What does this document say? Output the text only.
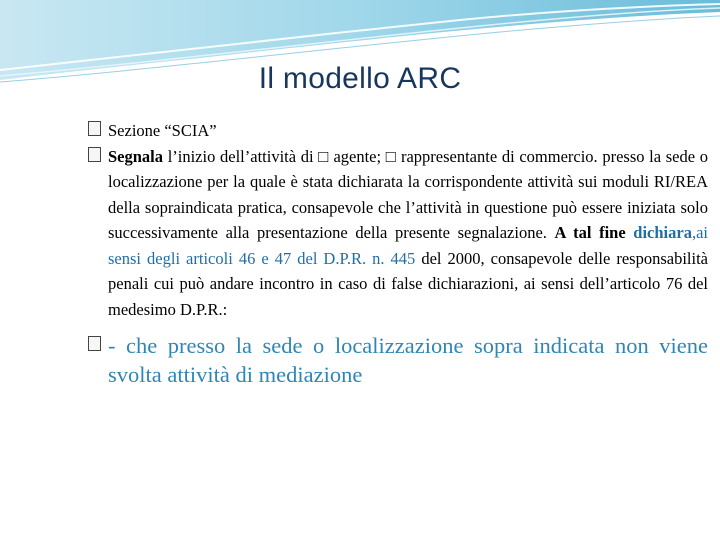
Il modello ARC
Sezione “SCIA”
Segnala l’inizio dell’attività di □ agente; □ rappresentante di commercio. presso la sede o localizzazione per la quale è stata dichiarata la corrispondente attività sui moduli RI/REA della sopraindicata pratica, consapevole che l’attività in questione può essere iniziata solo successivamente alla presentazione della presente segnalazione. A tal fine dichiara,ai sensi degli articoli 46 e 47 del D.P.R. n. 445 del 2000, consapevole delle responsabilità penali cui può andare incontro in caso di false dichiarazioni, ai sensi dell’articolo 76 del medesimo D.P.R.:
- che presso la sede o localizzazione sopra indicata non viene svolta attività di mediazione
